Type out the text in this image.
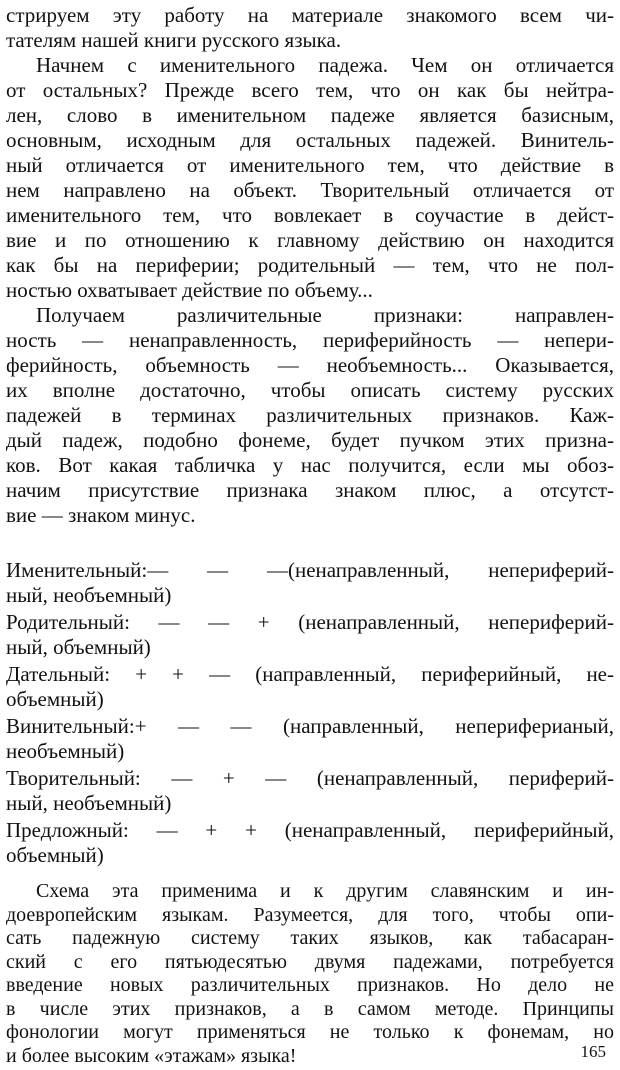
стрируем эту работу на материале знакомого всем чи-
тателям нашей книги русского языка.
Начнем с именительного падежа. Чем он отличается
от остальных? Прежде всего тем, что он как бы нейтра-
лен, слово в именительном падеже является базисным,
основным, исходным для остальных падежей. Винитель-
ный отличается от именительного тем, что действие в
нем направлено на объект. Творительный отличается от
именительного тем, что вовлекает в соучастие в дейст-
вие и по отношению к главному действию он находится
как бы на периферии; родительный — тем, что не пол-
ностью охватывает действие по объему...
Получаем различительные признаки: направлен-
ность — ненаправленность, периферийность — непери-
ферийность, объемность — необъемность... Оказывается,
их вполне достаточно, чтобы описать систему русских
падежей в терминах различительных признаков. Каж-
дый падеж, подобно фонеме, будет пучком этих призна-
ков. Вот какая табличка у нас получится, если мы обоз-
начим присутствие признака знаком плюс, а отсутст-
вие — знаком минус.
Именительный:— — —(ненаправленный, непериферий-
ный, необъемный)
Родительный: — — + (ненаправленный, непериферий-
ный, объемный)
Дательный: + + — (направленный, периферийный, не-
объемный)
Винительный:+ — — (направленный, неперифериaный,
необъемный)
Творительный: — + — (ненаправленный, периферий-
ный, необъемный)
Предложный: — + + (ненаправленный, периферийный,
объемный)
Схема эта применима и к другим славянским и ин-
доевропейским языкам. Разумеется, для того, чтобы опи-
сать падежную систему таких языков, как табасаран-
ский с его пятьюдесятью двумя падежами, потребуется
введение новых различительных признаков. Но дело не
в числе этих признаков, а в самом методе. Принципы
фонологии могут применяться не только к фонемам, но
и более высоким «этажам» языка!	165
